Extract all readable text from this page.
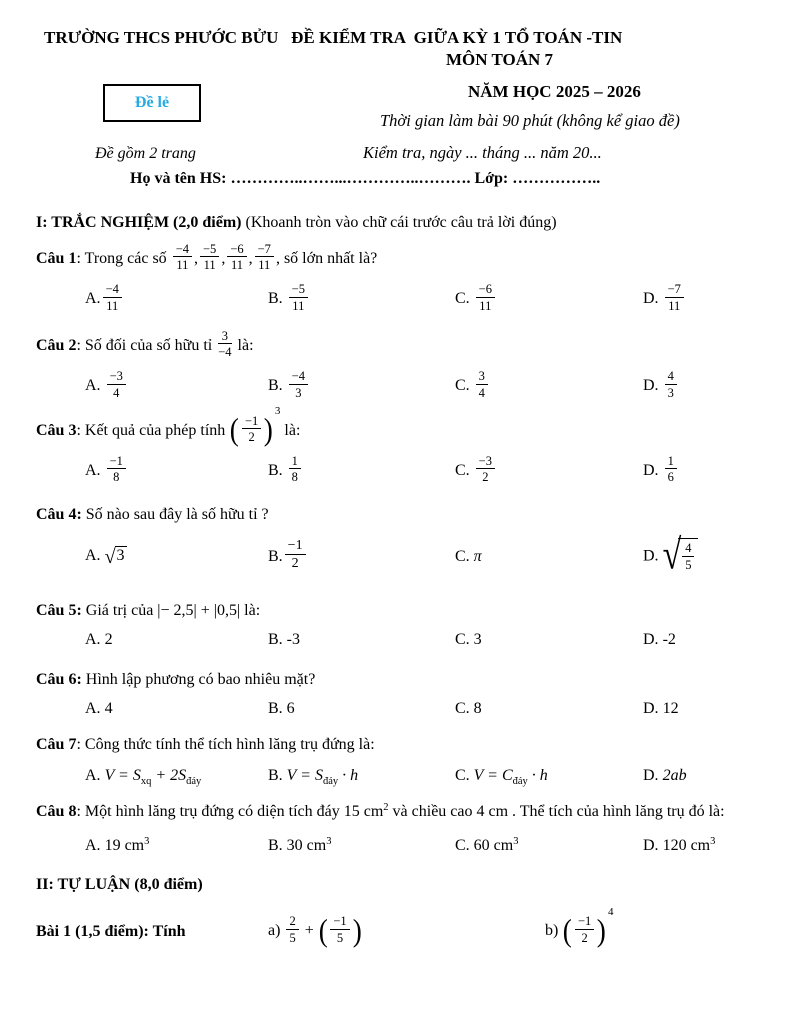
TRƯỜNG THCS PHƯỚC BỬU   ĐỀ KIỂM TRA  GIỮA KỲ 1 TỔ TOÁN -TIN
MÔN TOÁN 7
Đề lẻ
NĂM HỌC 2025 – 2026
Thời gian làm bài 90 phút (không kể giao đề)
Đề gồm 2 trang	Kiểm tra, ngày ... tháng ... năm 20...
Họ và tên HS: …………..……...…………..………. Lớp: ……………..

I: TRẮC NGHIỆM (2,0 điểm) (Khoanh tròn vào chữ cái trước câu trả lời đúng)

Câu 1: Trong các số $\frac{-4}{11}$ , $\frac{-5}{11}$ , $\frac{-6}{11}$ , $\frac{-7}{11}$ , số lớn nhất là?

A. $\frac{-4}{11}$	B. $\frac{-5}{11}$	C. $\frac{-6}{11}$	D. $\frac{-7}{11}$

Câu 2: Số đối của số hữu tỉ $\frac{3}{-4}$ là:

A. $\frac{-3}{4}$	B. $\frac{-4}{3}$	C. $\frac{3}{4}$	D. $\frac{4}{3}$

Câu 3: Kết quả của phép tính ( $\frac{-1}{2}$ ) $^3$ là:

A. $\frac{-1}{8}$	B. $\frac{1}{8}$	C. $\frac{-3}{2}$	D. $\frac{1}{6}$

Câu 4: Số nào sau đây là số hữu tỉ ?

A. √3	B. $\frac{-1}{2}$	C. π	D. √ $\frac{4}{5}$

Câu 5: Giá trị của |− 2,5| + |0,5| là:

A. 2	B. -3	C. 3	D. -2

Câu 6: Hình lập phương có bao nhiêu mặt?

A. 4	B. 6	C. 8	D. 12

Câu 7: Công thức tính thể tích hình lăng trụ đứng là:

A. $V = S_{xq} + 2S_{đáy}$	B. $V = S_{đáy} \cdot h$	C. $V = C_{đáy} \cdot h$	D. 2ab

Câu 8: Một hình lăng trụ đứng có diện tích đáy 15 $cm^2$ và chiều cao 4 cm . Thể tích của hình lăng trụ đó là:

A. 19 $cm^3$	B. 30 $cm^3$	C. 60 $cm^3$	D. 120 $cm^3$

II: TỰ LUẬN (8,0 điểm)

Bài 1 (1,5 điểm): Tính	$a) \frac{2}{5}$ + ( $\frac{-1}{5}$ )	b) ( $\frac{-1}{2}$ ) $^4$
